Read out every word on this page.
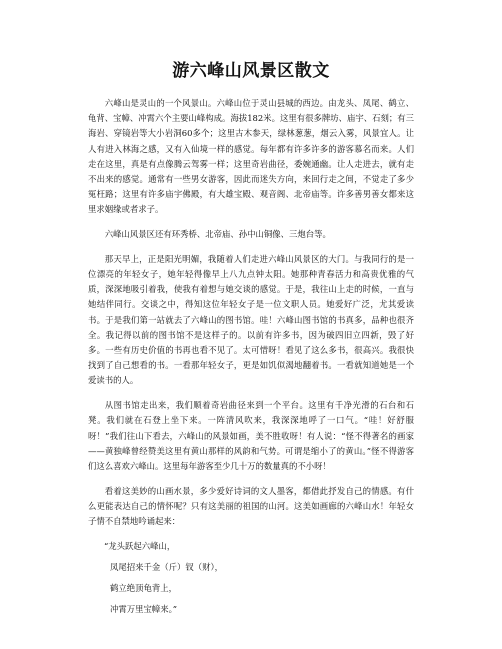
游六峰山风景区散文

六峰山是灵山的一个风景山。六峰山位于灵山县城的西边。由龙头、凤尾、鹤立、龟背、宝幛、冲霄六个主要山峰构成。海拔182米。这里有很多牌坊、庙宇、石刻；有三海岩、穿镜岩等大小岩洞60多个；这里古木参天，绿林葱葱，烟云入雾，风景宜人。让人有进入林海之感，又有入仙境一样的感觉。每年都有许多许多的游客慕名而来。人们走在这里，真是有点像腾云驾雾一样；这里奇岩曲径，委婉通幽。让人走进去，就有走不出来的感觉。通常有一些男女游客，因此而迷失方向，来回行走之间，不觉走了多少冤枉路；这里有许多庙宇佛殿，有大雄宝殿、观音阁、北帝庙等。许多善男善女都来这里求姻缘或者求子。

六峰山风景区还有环秀桥、北帝庙、孙中山铜像、三炮台等。

那天早上，正是阳光明媚，我随着人们走进六峰山风景区的大门。与我同行的是一位漂亮的年轻女子，她年轻得像早上八九点钟太阳。她那种青春活力和高贵优雅的气质，深深地吸引着我，使我有着想与她交谈的感觉。于是，我往山上走的时候，一直与她结伴同行。交谈之中，得知这位年轻女子是一位文职人员。她爱好广泛，尤其爱读书。于是我们第一站就去了六峰山的图书馆。哇！六峰山图书馆的书真多，品种也很齐全。我记得以前的图书馆不是这样子的。以前有许多书，因为破四旧立四新，毁了好多。一些有历史价值的书再也看不见了。太可惜呀！看见了这么多书，很高兴。我很快找到了自己想看的书。一看那年轻女子，更是如饥似渴地翻着书。一看就知道她是一个爱读书的人。

从图书馆走出来，我们顺着奇岩曲径来到一个平台。这里有千净光滑的石台和石凳。我们就在石登上坐下来。一阵清风吹来，我深深地呼了一口气。“哇！好舒服呀！”我们往山下看去，六峰山的风景如画，美不胜收呀！有人说：“怪不得著名的画家——黄独峰曾经赞美这里有黄山那样的风韵和气势。可谓是缩小了的黄山。”怪不得游客们这么喜欢六峰山。这里每年游客至少几十万的数量真的不小呀！

看着这美妙的山画水景，多少爱好诗词的文人墨客，都借此抒发自己的情感。有什么更能表达自己的情怀呢？只有这美丽的祖国的山河。这美如画廊的六峰山水！年轻女子情不自禁地吟诵起来：

“龙头跃起六峰山，

凤尾招来千金（斤）钗（财），

鹤立绝顶龟背上，

冲霄万里宝幛来。”
